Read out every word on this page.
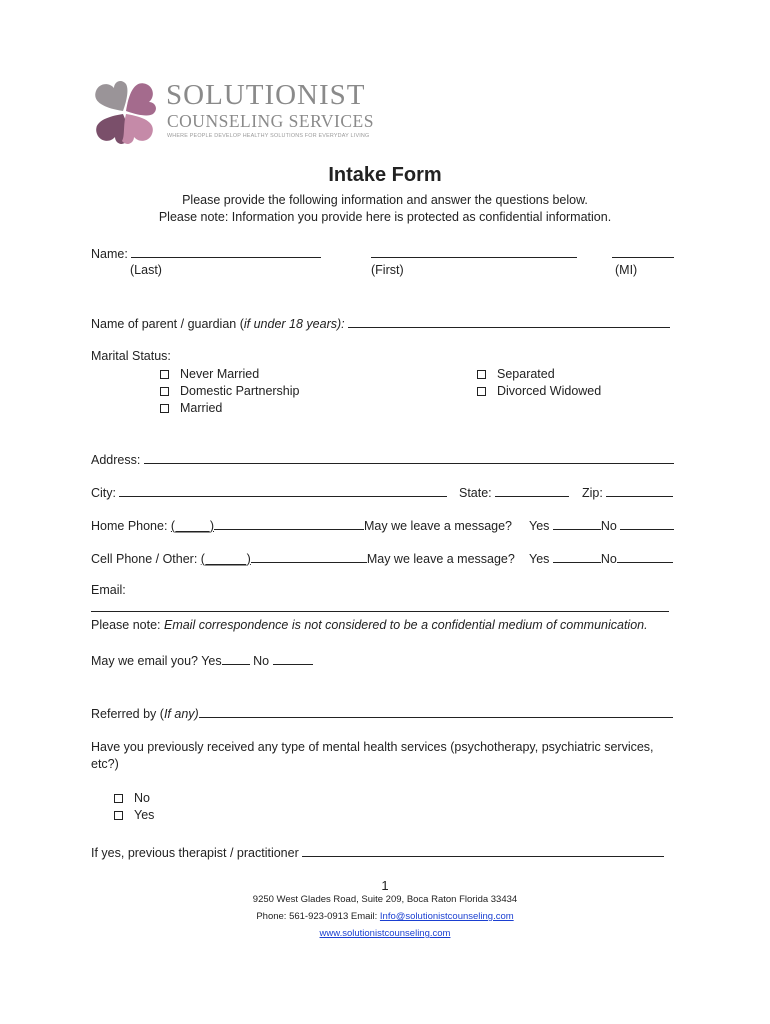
SOLUTIONIST
COUNSELING SERVICES
WHERE PEOPLE DEVELOP HEALTHY SOLUTIONS FOR EVERYDAY LIVING
Intake Form
Please provide the following information and answer the questions below.
Please note: Information you provide here is protected as confidential information.
Name:
(Last)	(First)	(MI)
Name of parent / guardian (if under 18 years):
Marital Status:
Never Married
Domestic Partnership
Married
Separated
Divorced Widowed
Address:
City:	State:	Zip:
Home Phone: (_____)	May we leave a message? Yes	No
Cell Phone / Other: (______)	May we leave a message? Yes	No
Email:
Please note: Email correspondence is not considered to be a confidential medium of communication.
May we email you? Yes	No
Referred by (If any)
Have you previously received any type of mental health services (psychotherapy, psychiatric services,
etc?)
No
Yes
If yes, previous therapist / practitioner
1
9250 West Glades Road, Suite 209, Boca Raton Florida 33434
Phone: 561-923-0913 Email: Info@solutionistcounseling.com
www.solutionistcounseling.com
